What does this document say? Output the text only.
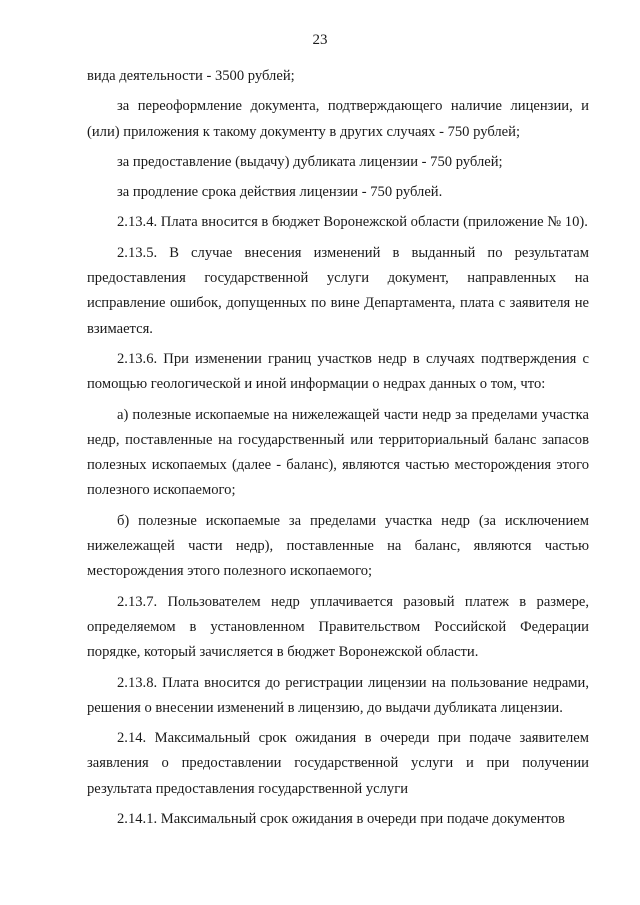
23

вида деятельности - 3500 рублей;

за переоформление документа, подтверждающего наличие лицензии, и (или) приложения к такому документу в других случаях - 750 рублей;

за предоставление (выдачу) дубликата лицензии - 750 рублей;

за продление срока действия лицензии - 750 рублей.

2.13.4. Плата вносится в бюджет Воронежской области (приложение № 10).

2.13.5. В случае внесения изменений в выданный по результатам предоставления государственной услуги документ, направленных на исправление ошибок, допущенных по вине Департамента, плата с заявителя не взимается.

2.13.6. При изменении границ участков недр в случаях подтверждения с помощью геологической и иной информации о недрах данных о том, что:

а) полезные ископаемые на нижележащей части недр за пределами участка недр, поставленные на государственный или территориальный баланс запасов полезных ископаемых (далее - баланс), являются частью месторождения этого полезного ископаемого;

б) полезные ископаемые за пределами участка недр (за исключением нижележащей части недр), поставленные на баланс, являются частью месторождения этого полезного ископаемого;

2.13.7. Пользователем недр уплачивается разовый платеж в размере, определяемом в установленном Правительством Российской Федерации порядке, который зачисляется в бюджет Воронежской области.

2.13.8. Плата вносится до регистрации лицензии на пользование недрами, решения о внесении изменений в лицензию, до выдачи дубликата лицензии.

2.14. Максимальный срок ожидания в очереди при подаче заявителем заявления о предоставлении государственной услуги и при получении результата предоставления государственной услуги

2.14.1. Максимальный срок ожидания в очереди при подаче документов
